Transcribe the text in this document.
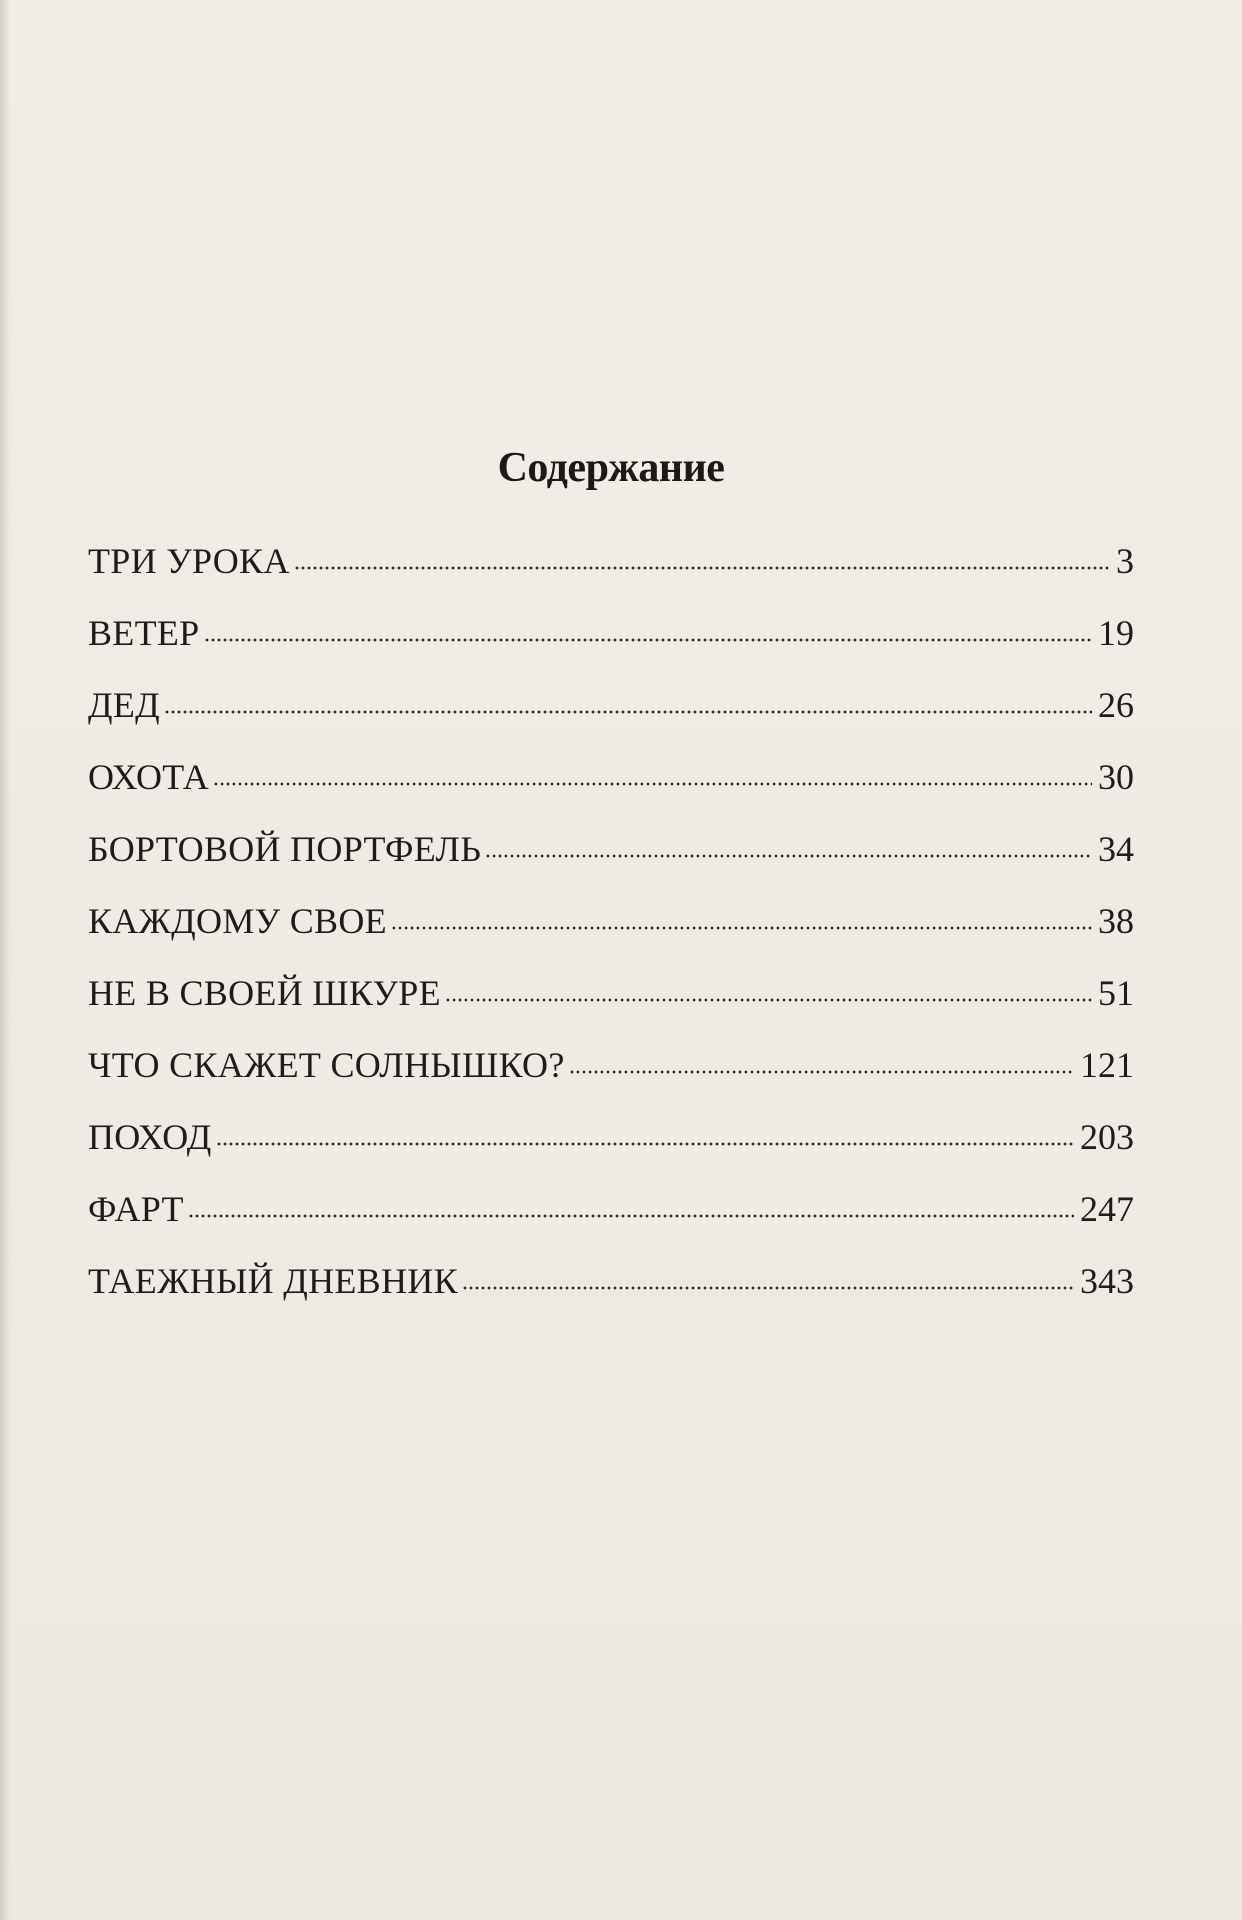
Содержание
ТРИ УРОКА	3
ВЕТЕР	19
ДЕД	26
ОХОТА	30
БОРТОВОЙ ПОРТФЕЛЬ	34
КАЖДОМУ СВОЕ	38
НЕ В СВОЕЙ ШКУРЕ	51
ЧТО СКАЖЕТ СОЛНЫШКО?	121
ПОХОД	203
ФАРТ	247
ТАЕЖНЫЙ ДНЕВНИК	343
